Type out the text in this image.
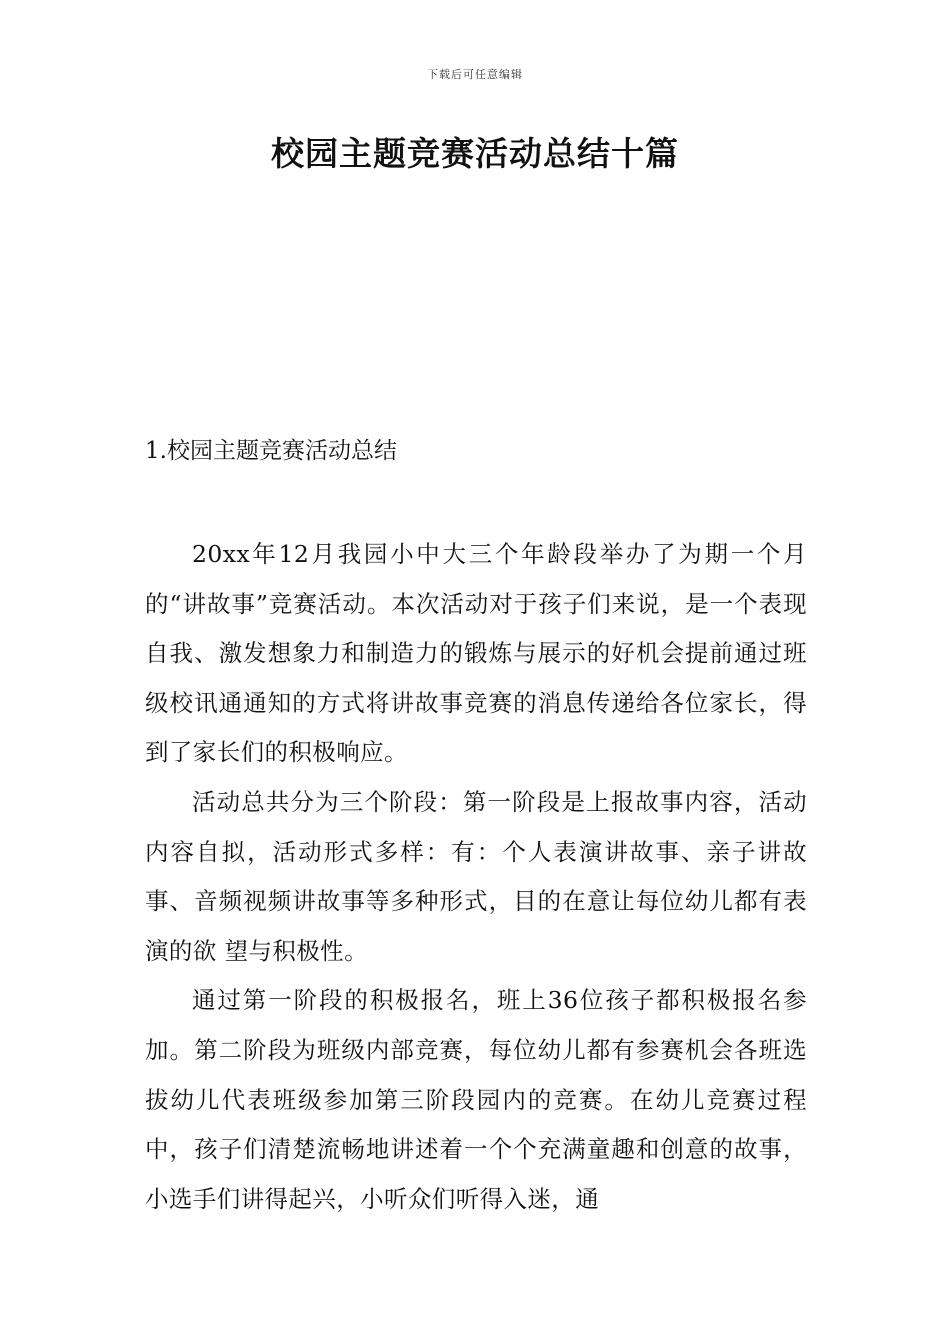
下载后可任意编辑
校园主题竞赛活动总结十篇
1.校园主题竞赛活动总结

20xx年12月我园小中大三个年龄段举办了为期一个月的“讲故事”竞赛活动。本次活动对于孩子们来说，是一个表现自我、激发想象力和制造力的锻炼与展示的好机会提前通过班级校讯通通知的方式将讲故事竞赛的消息传递给各位家长，得到了家长们的积极响应。

活动总共分为三个阶段：第一阶段是上报故事内容，活动内容自拟，活动形式多样：有：个人表演讲故事、亲子讲故事、音频视频讲故事等多种形式，目的在意让每位幼儿都有表演的欲 望与积极性。

通过第一阶段的积极报名，班上36位孩子都积极报名参加。第二阶段为班级内部竞赛，每位幼儿都有参赛机会各班选拔幼儿代表班级参加第三阶段园内的竞赛。在幼儿竞赛过程中，孩子们清楚流畅地讲述着一个个充满童趣和创意的故事，小选手们讲得起兴，小听众们听得入迷，通
